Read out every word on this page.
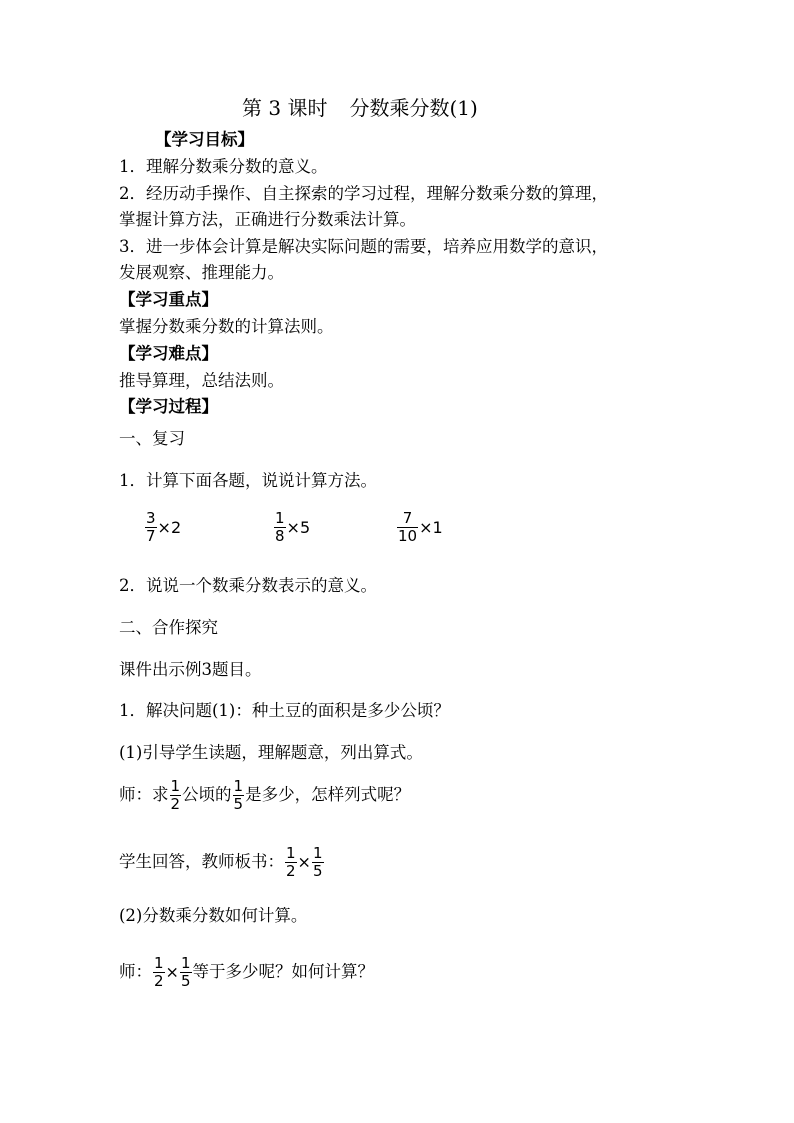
第 3 课时 分数乘分数(1)
【学习目标】
1．理解分数乘分数的意义。
2．经历动手操作、自主探索的学习过程，理解分数乘分数的算理，
掌握计算方法，正确进行分数乘法计算。
3．进一步体会计算是解决实际问题的需要，培养应用数学的意识，
发展观察、推理能力。
【学习重点】
掌握分数乘分数的计算法则。
【学习难点】
推导算理，总结法则。
【学习过程】
一、复习
1．计算下面各题，说说计算方法。
$\frac{3}{7} \times 2$	$\frac{1}{8} \times 5$	$\frac{7}{10} \times 1$
2．说说一个数乘分数表示的意义。
二、合作探究
课件出示例3题目。
1．解决问题(1)：种土豆的面积是多少公顷？
(1)引导学生读题，理解题意，列出算式。
师：求 $\frac{1}{2}$ 公顷的 $\frac{1}{5}$ 是多少，怎样列式呢？
学生回答，教师板书： $\frac{1}{2} \times \frac{1}{5}$
(2)分数乘分数如何计算。
师： $\frac{1}{2} \times \frac{1}{5}$ 等于多少呢？如何计算？
